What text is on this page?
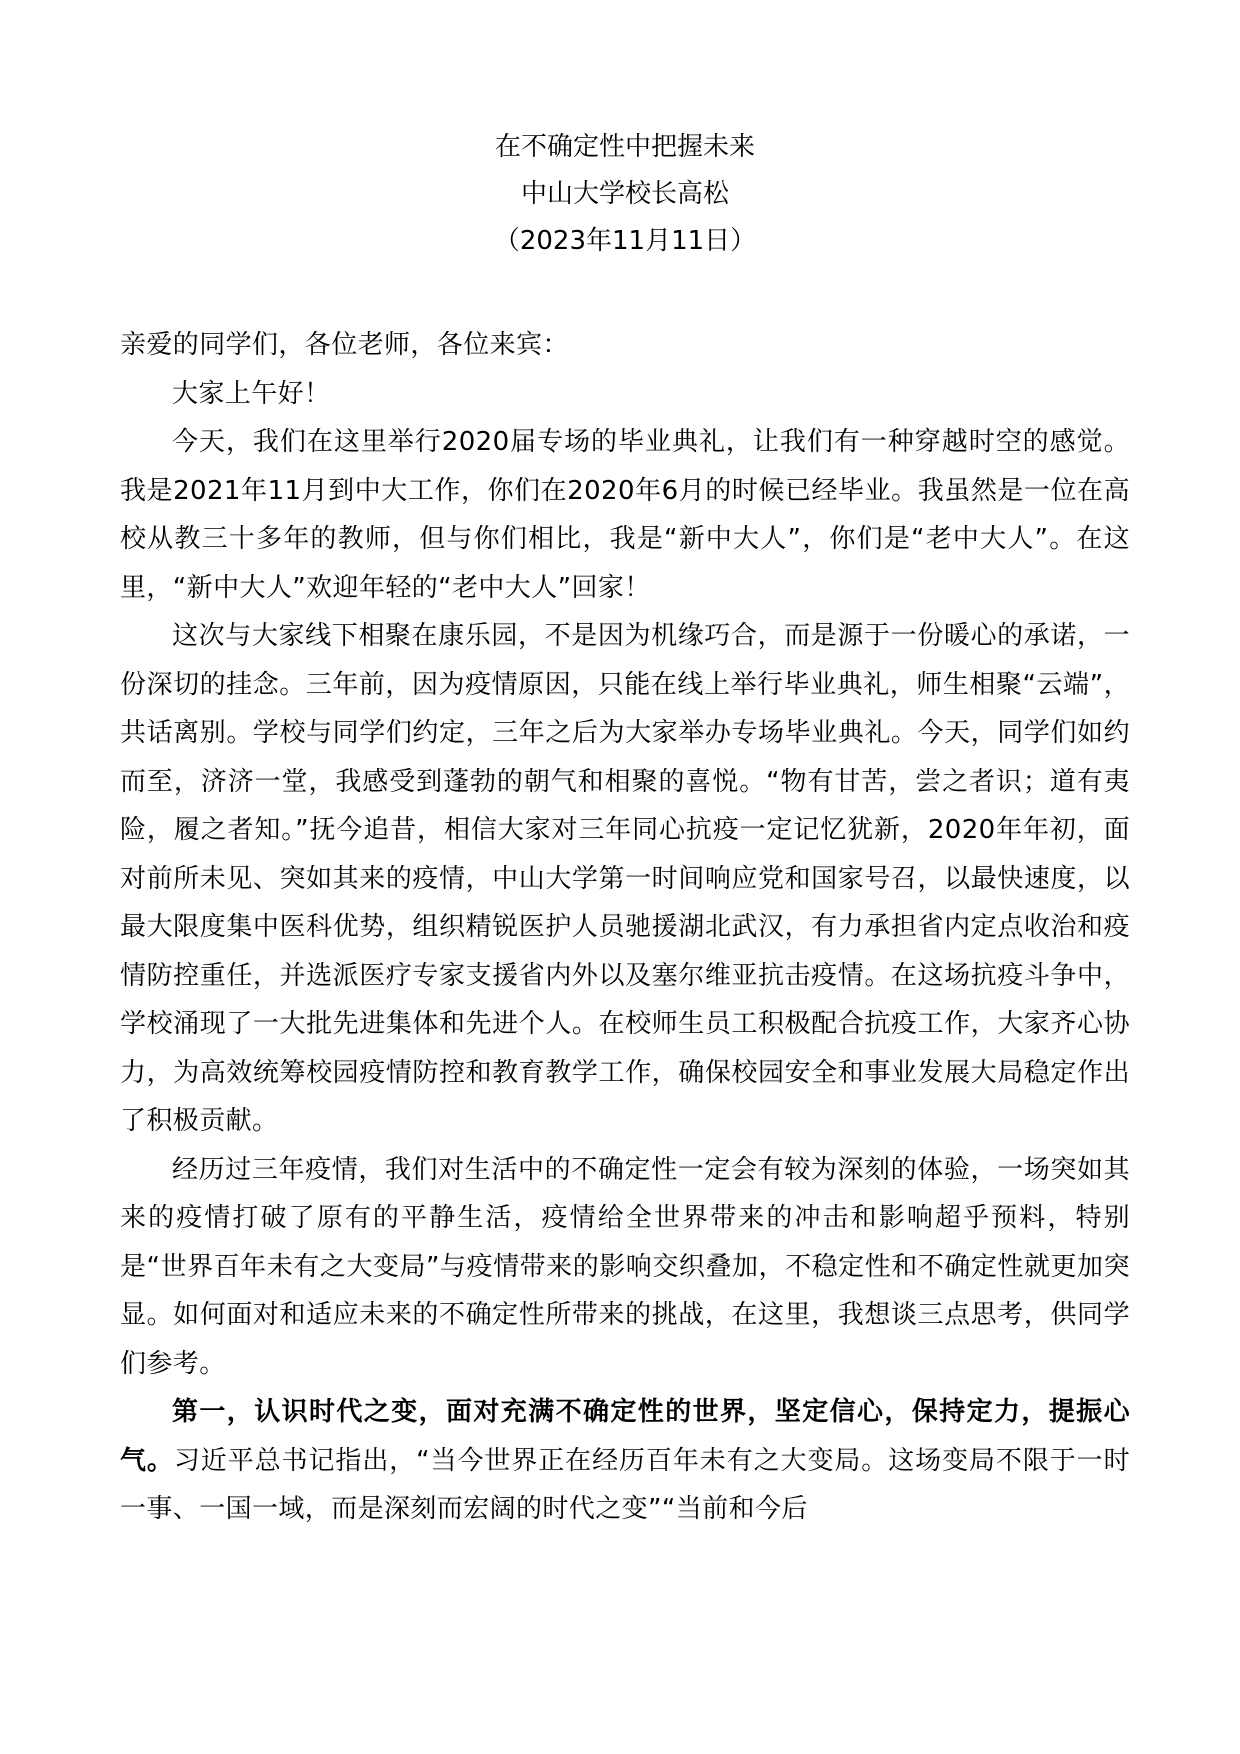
在不确定性中把握未来
中山大学校长高松
（2023年11月11日）

亲爱的同学们，各位老师，各位来宾：

大家上午好！

今天，我们在这里举行2020届专场的毕业典礼，让我们有一种穿越时空的感觉。我是2021年11月到中大工作，你们在2020年6月的时候已经毕业。我虽然是一位在高校从教三十多年的教师，但与你们相比，我是“新中大人”，你们是“老中大人”。在这里，“新中大人”欢迎年轻的“老中大人”回家！

这次与大家线下相聚在康乐园，不是因为机缘巧合，而是源于一份暖心的承诺，一份深切的挂念。三年前，因为疫情原因，只能在线上举行毕业典礼，师生相聚“云端”，共话离别。学校与同学们约定，三年之后为大家举办专场毕业典礼。今天，同学们如约而至，济济一堂，我感受到蓬勃的朝气和相聚的喜悦。“物有甘苦，尝之者识；道有夷险，履之者知。”抚今追昔，相信大家对三年同心抗疫一定记忆犹新，2020年年初，面对前所未见、突如其来的疫情，中山大学第一时间响应党和国家号召，以最快速度，以最大限度集中医科优势，组织精锐医护人员驰援湖北武汉，有力承担省内定点收治和疫情防控重任，并选派医疗专家支援省内外以及塞尔维亚抗击疫情。在这场抗疫斗争中，学校涌现了一大批先进集体和先进个人。在校师生员工积极配合抗疫工作，大家齐心协力，为高效统筹校园疫情防控和教育教学工作，确保校园安全和事业发展大局稳定作出了积极贡献。

经历过三年疫情，我们对生活中的不确定性一定会有较为深刻的体验，一场突如其来的疫情打破了原有的平静生活，疫情给全世界带来的冲击和影响超乎预料，特别是“世界百年未有之大变局”与疫情带来的影响交织叠加，不稳定性和不确定性就更加突显。如何面对和适应未来的不确定性所带来的挑战，在这里，我想谈三点思考，供同学们参考。

第一，认识时代之变，面对充满不确定性的世界，坚定信心，保持定力，提振心气。习近平总书记指出，“当今世界正在经历百年未有之大变局。这场变局不限于一时一事、一国一域，而是深刻而宏阔的时代之变”“当前和今后
